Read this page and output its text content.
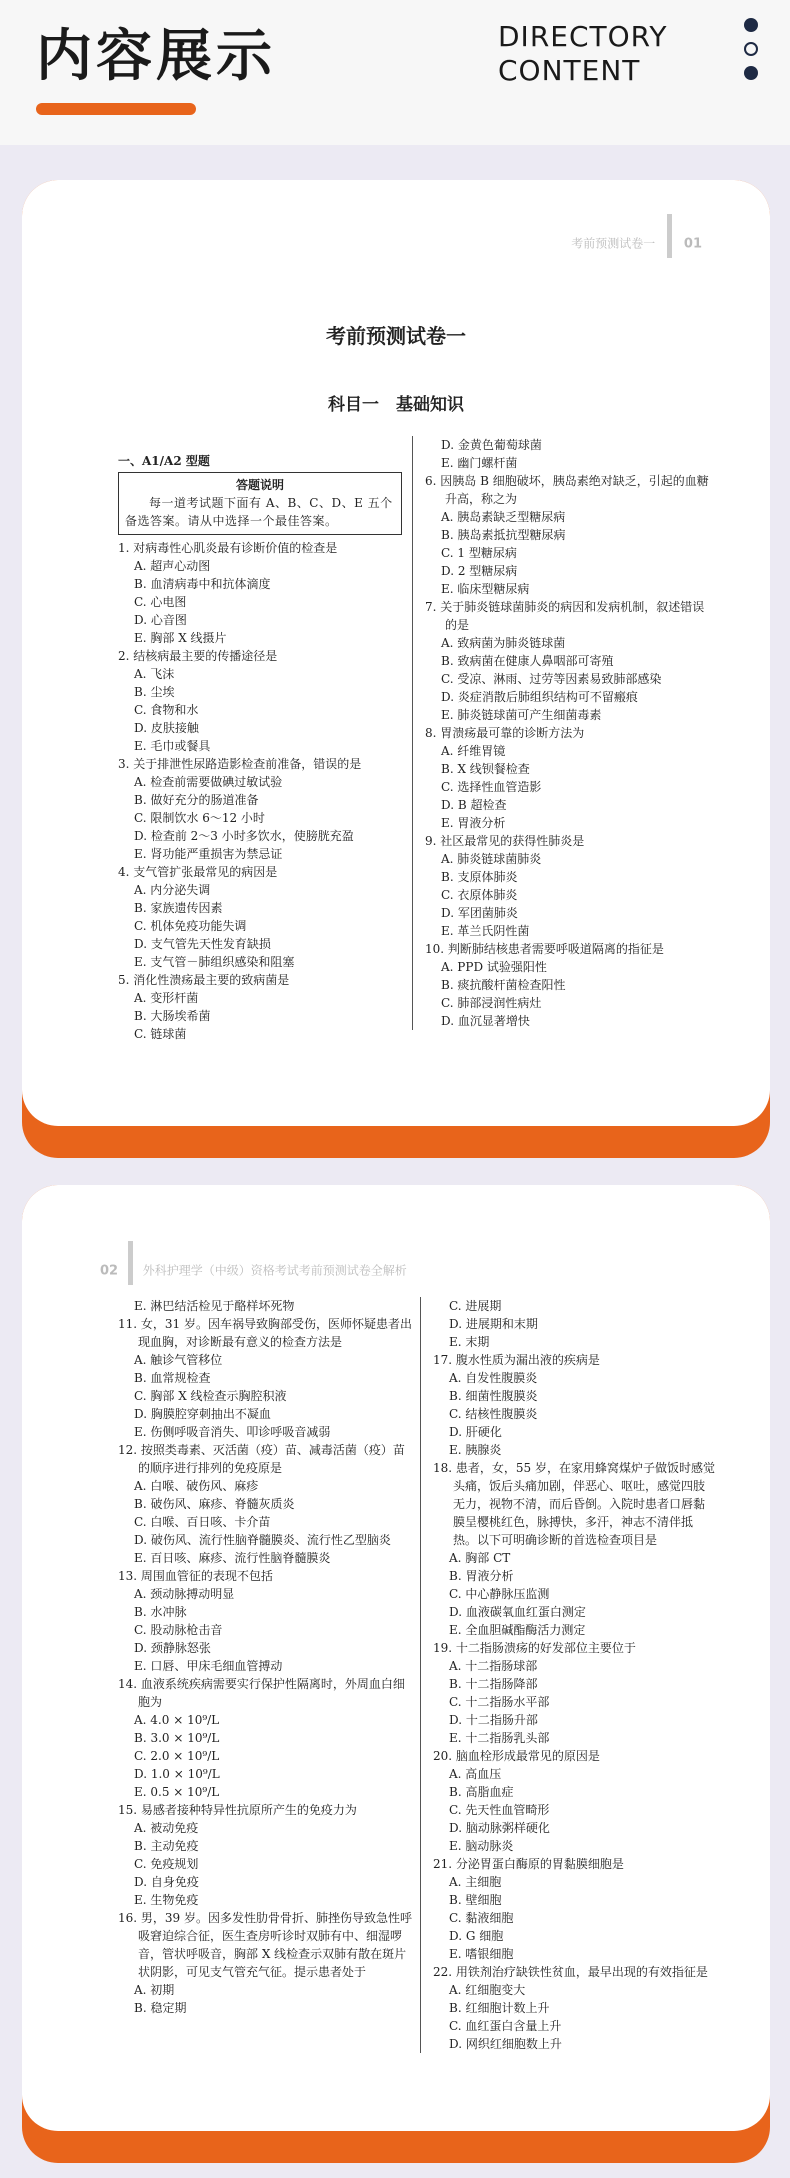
内容展示	DIRECTORY
CONTENT
考前预测试卷一 01
考前预测试卷一
科目一　基础知识
一、A1/A2 型题
答题说明
每一道考试题下面有 A、B、C、D、E 五个备选答案。请从中选择一个最佳答案。
1. 对病毒性心肌炎最有诊断价值的检查是
A. 超声心动图
B. 血清病毒中和抗体滴度
C. 心电图
D. 心音图
E. 胸部 X 线摄片
2. 结核病最主要的传播途径是
A. 飞沫
B. 尘埃
C. 食物和水
D. 皮肤接触
E. 毛巾或餐具
3. 关于排泄性尿路造影检查前准备，错误的是
A. 检查前需要做碘过敏试验
B. 做好充分的肠道准备
C. 限制饮水 6～12 小时
D. 检查前 2～3 小时多饮水，使膀胱充盈
E. 肾功能严重损害为禁忌证
4. 支气管扩张最常见的病因是
A. 内分泌失调
B. 家族遗传因素
C. 机体免疫功能失调
D. 支气管先天性发育缺损
E. 支气管－肺组织感染和阻塞
5. 消化性溃疡最主要的致病菌是
A. 变形杆菌
B. 大肠埃希菌
C. 链球菌
D. 金黄色葡萄球菌
E. 幽门螺杆菌
6. 因胰岛 B 细胞破坏，胰岛素绝对缺乏，引起的血糖升高，称之为
A. 胰岛素缺乏型糖尿病
B. 胰岛素抵抗型糖尿病
C. 1 型糖尿病
D. 2 型糖尿病
E. 临床型糖尿病
7. 关于肺炎链球菌肺炎的病因和发病机制，叙述错误的是
A. 致病菌为肺炎链球菌
B. 致病菌在健康人鼻咽部可寄殖
C. 受凉、淋雨、过劳等因素易致肺部感染
D. 炎症消散后肺组织结构可不留瘢痕
E. 肺炎链球菌可产生细菌毒素
8. 胃溃疡最可靠的诊断方法为
A. 纤维胃镜
B. X 线钡餐检查
C. 选择性血管造影
D. B 超检查
E. 胃液分析
9. 社区最常见的获得性肺炎是
A. 肺炎链球菌肺炎
B. 支原体肺炎
C. 衣原体肺炎
D. 军团菌肺炎
E. 革兰氏阴性菌
10. 判断肺结核患者需要呼吸道隔离的指征是
A. PPD 试验强阳性
B. 痰抗酸杆菌检查阳性
C. 肺部浸润性病灶
D. 血沉显著增快
02 外科护理学（中级）资格考试考前预测试卷全解析
E. 淋巴结活检见于酪样坏死物
11. 女，31 岁。因车祸导致胸部受伤，医师怀疑患者出现血胸，对诊断最有意义的检查方法是
A. 触诊气管移位
B. 血常规检查
C. 胸部 X 线检查示胸腔积液
D. 胸膜腔穿刺抽出不凝血
E. 伤侧呼吸音消失、叩诊呼吸音减弱
12. 按照类毒素、灭活菌（疫）苗、减毒活菌（疫）苗的顺序进行排列的免疫原是
A. 白喉、破伤风、麻疹
B. 破伤风、麻疹、脊髓灰质炎
C. 白喉、百日咳、卡介苗
D. 破伤风、流行性脑脊髓膜炎、流行性乙型脑炎
E. 百日咳、麻疹、流行性脑脊髓膜炎
13. 周围血管征的表现不包括
A. 颈动脉搏动明显
B. 水冲脉
C. 股动脉枪击音
D. 颈静脉怒张
E. 口唇、甲床毛细血管搏动
14. 血液系统疾病需要实行保护性隔离时，外周血白细胞为
A. 4.0 × 10⁹/L
B. 3.0 × 10⁹/L
C. 2.0 × 10⁹/L
D. 1.0 × 10⁹/L
E. 0.5 × 10⁹/L
15. 易感者接种特异性抗原所产生的免疫力为
A. 被动免疫
B. 主动免疫
C. 免疫规划
D. 自身免疫
E. 生物免疫
16. 男，39 岁。因多发性肋骨骨折、肺挫伤导致急性呼吸窘迫综合征，医生查房听诊时双肺有中、细湿啰音，管状呼吸音，胸部 X 线检查示双肺有散在斑片状阴影，可见支气管充气征。提示患者处于
A. 初期
B. 稳定期
C. 进展期
D. 进展期和末期
E. 末期
17. 腹水性质为漏出液的疾病是
A. 自发性腹膜炎
B. 细菌性腹膜炎
C. 结核性腹膜炎
D. 肝硬化
E. 胰腺炎
18. 患者，女，55 岁，在家用蜂窝煤炉子做饭时感觉头痛，饭后头痛加剧，伴恶心、呕吐，感觉四肢无力，视物不清，而后昏倒。入院时患者口唇黏膜呈樱桃红色，脉搏快，多汗，神志不清伴抵热。以下可明确诊断的首选检查项目是
A. 胸部 CT
B. 胃液分析
C. 中心静脉压监测
D. 血液碳氧血红蛋白测定
E. 全血胆碱酯酶活力测定
19. 十二指肠溃疡的好发部位主要位于
A. 十二指肠球部
B. 十二指肠降部
C. 十二指肠水平部
D. 十二指肠升部
E. 十二指肠乳头部
20. 脑血栓形成最常见的原因是
A. 高血压
B. 高脂血症
C. 先天性血管畸形
D. 脑动脉粥样硬化
E. 脑动脉炎
21. 分泌胃蛋白酶原的胃黏膜细胞是
A. 主细胞
B. 壁细胞
C. 黏液细胞
D. G 细胞
E. 嗜银细胞
22. 用铁剂治疗缺铁性贫血，最早出现的有效指征是
A. 红细胞变大
B. 红细胞计数上升
C. 血红蛋白含量上升
D. 网织红细胞数上升
